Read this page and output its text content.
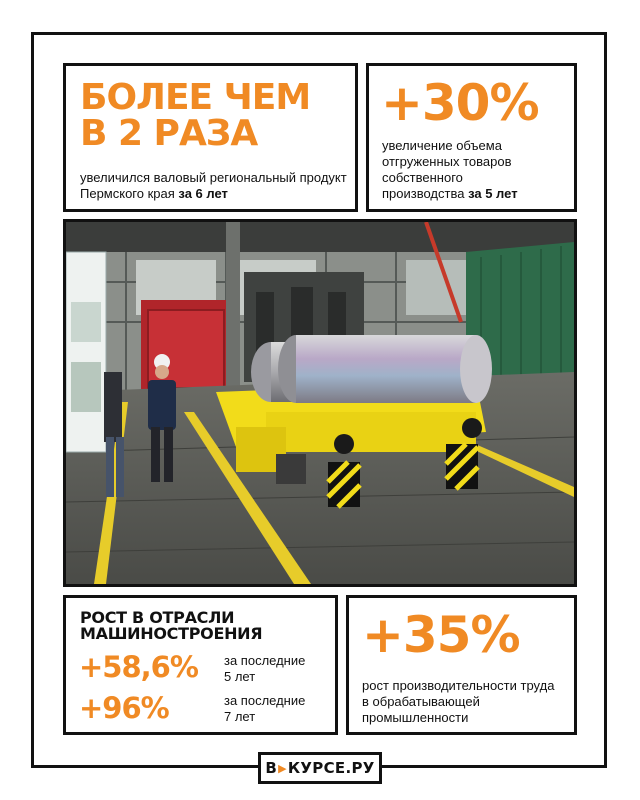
БОЛЕЕ ЧЕМ
В 2 РАЗА
увеличился валовый региональный продукт Пермского края за 6 лет
+30%
увеличение объема отгруженных товаров собственного производства за 5 лет
РОСТ В ОТРАСЛИ
МАШИНОСТРОЕНИЯ
+58,6% за последние
5 лет
+96%	за последние
7 лет
+35%
рост производительности труда в обрабатывающей промышленности
В ▶ КУРСЕ.РУ
